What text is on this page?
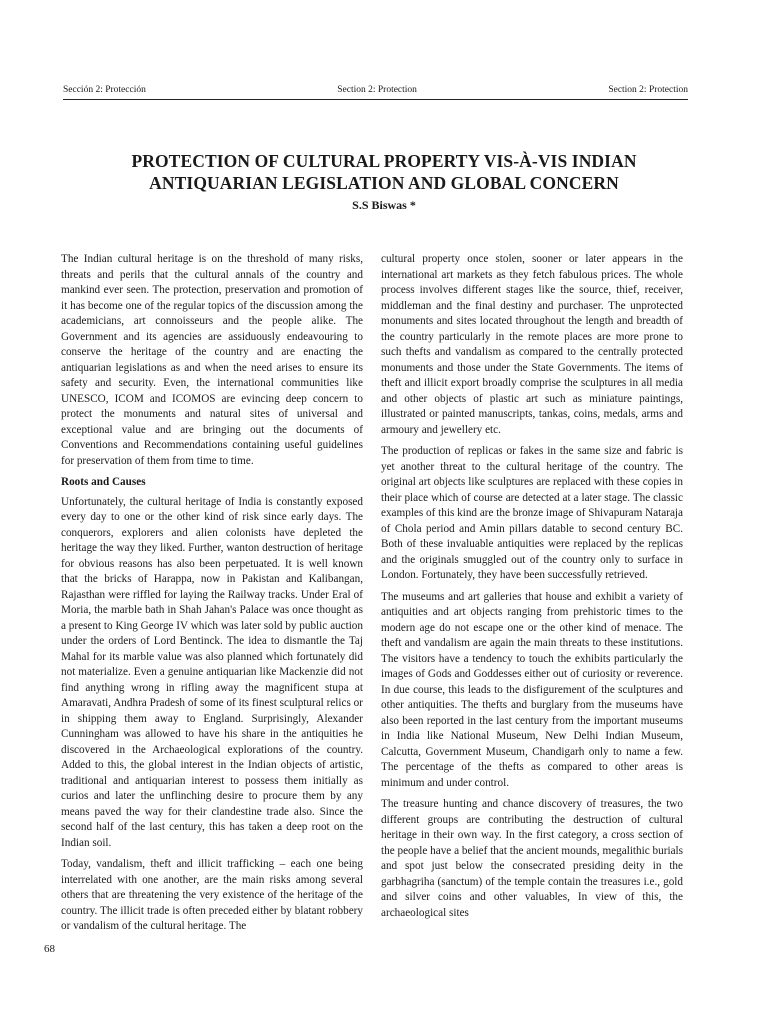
Sección 2: Protección	Section 2: Protection	Section 2: Protection
PROTECTION OF CULTURAL PROPERTY VIS-À-VIS INDIAN
ANTIQUARIAN LEGISLATION AND GLOBAL CONCERN
S.S Biswas *

The Indian cultural heritage is on the threshold of many risks, threats and perils that the cultural annals of the country and mankind ever seen. The protection, preservation and promotion of it has become one of the regular topics of the discussion among the academicians, art connoisseurs and the people alike. The Government and its agencies are assiduously endeavouring to conserve the heritage of the country and are enacting the antiquarian legislations as and when the need arises to ensure its safety and security. Even, the international communities like UNESCO, ICOM and ICOMOS are evincing deep concern to protect the monuments and natural sites of universal and exceptional value and are bringing out the documents of Conventions and Recommendations containing useful guidelines for preservation of them from time to time.

Roots and Causes

Unfortunately, the cultural heritage of India is constantly exposed every day to one or the other kind of risk since early days. The conquerors, explorers and alien colonists have depleted the heritage the way they liked. Further, wanton destruction of heritage for obvious reasons has also been perpetuated. It is well known that the bricks of Harappa, now in Pakistan and Kalibangan, Rajasthan were riffled for laying the Railway tracks. Under Eral of Moria, the marble bath in Shah Jahan's Palace was once thought as a present to King George IV which was later sold by public auction under the orders of Lord Bentinck. The idea to dismantle the Taj Mahal for its marble value was also planned which fortunately did not materialize. Even a genuine antiquarian like Mackenzie did not find anything wrong in rifling away the magnificent stupa at Amaravati, Andhra Pradesh of some of its finest sculptural relics or in shipping them away to England. Surprisingly, Alexander Cunningham was allowed to have his share in the antiquities he discovered in the Archaeological explorations of the country. Added to this, the global interest in the Indian objects of artistic, traditional and antiquarian interest to possess them initially as curios and later the unflinching desire to procure them by any means paved the way for their clandestine trade also. Since the second half of the last century, this has taken a deep root on the Indian soil.

Today, vandalism, theft and illicit trafficking – each one being interrelated with one another, are the main risks among several others that are threatening the very existence of the heritage of the country. The illicit trade is often preceded either by blatant robbery or vandalism of the cultural heritage. The

cultural property once stolen, sooner or later appears in the international art markets as they fetch fabulous prices. The whole process involves different stages like the source, thief, receiver, middleman and the final destiny and purchaser. The unprotected monuments and sites located throughout the length and breadth of the country particularly in the remote places are more prone to such thefts and vandalism as compared to the centrally protected monuments and those under the State Governments. The items of theft and illicit export broadly comprise the sculptures in all media and other objects of plastic art such as miniature paintings, illustrated or painted manuscripts, tankas, coins, medals, arms and armoury and jewellery etc.

The production of replicas or fakes in the same size and fabric is yet another threat to the cultural heritage of the country. The original art objects like sculptures are replaced with these copies in their place which of course are detected at a later stage. The classic examples of this kind are the bronze image of Shivapuram Nataraja of Chola period and Amin pillars datable to second century BC. Both of these invaluable antiquities were replaced by the replicas and the originals smuggled out of the country only to surface in London. Fortunately, they have been successfully retrieved.

The museums and art galleries that house and exhibit a variety of antiquities and art objects ranging from prehistoric times to the modern age do not escape one or the other kind of menace. The theft and vandalism are again the main threats to these institutions. The visitors have a tendency to touch the exhibits particularly the images of Gods and Goddesses either out of curiosity or reverence. In due course, this leads to the disfigurement of the sculptures and other antiquities. The thefts and burglary from the museums have also been reported in the last century from the important museums in India like National Museum, New Delhi Indian Museum, Calcutta, Government Museum, Chandigarh only to name a few. The percentage of the thefts as compared to other areas is minimum and under control.

The treasure hunting and chance discovery of treasures, the two different groups are contributing the destruction of cultural heritage in their own way. In the first category, a cross section of the people have a belief that the ancient mounds, megalithic burials and spot just below the consecrated presiding deity in the garbhagriha (sanctum) of the temple contain the treasures i.e., gold and silver coins and other valuables, In view of this, the archaeological sites

68
